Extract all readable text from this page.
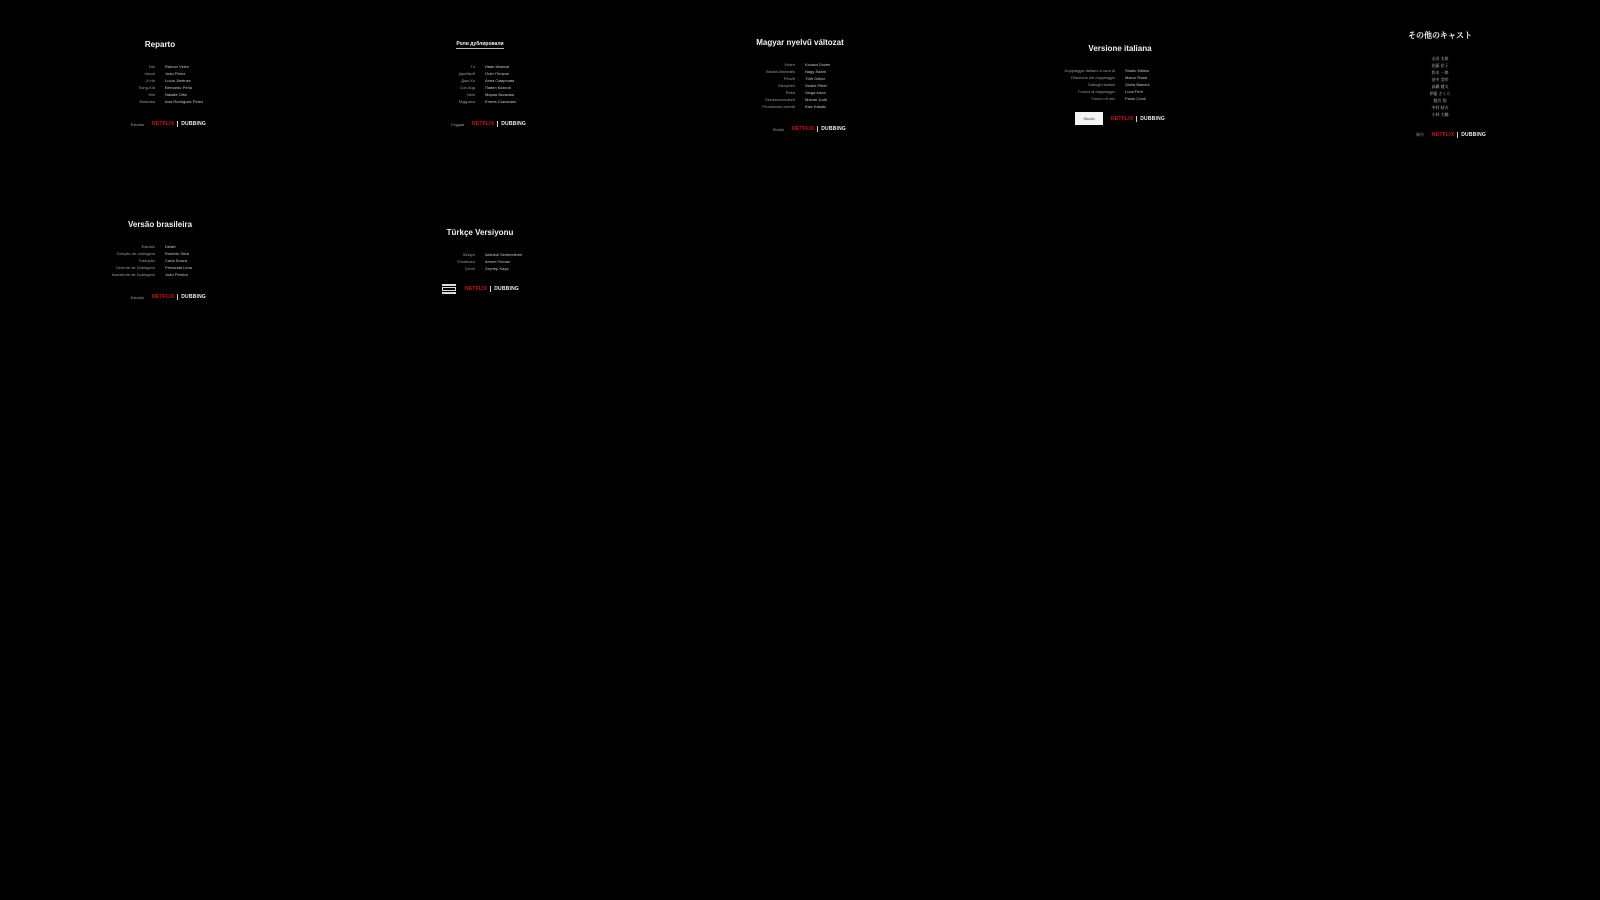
Reparto
Tae	Ramón Vélez
Jacob	Juan Pérez
Ji-Ho	Lucía Jiménez
Sung-Kid	Bernardo Peña
Min	Natalia Ortiz
Mudrasa	Ana Rodríguez Pérez
Estudio NETFLIX DUBBING
Роли дублировали
Тэ	Иван Иванов
Джейкоб	Олег Петров
Джи-Хо	Анна Смирнова
Сон-Кид	Павел Козлов
Мин	Мария Волкова
Мудраса	Елена Соколова
Студия NETFLIX DUBBING
Magyar nyelvű változat
Vivien	Kovács Eszter
Baráth-Benedek	Nagy Ádám
Pénzfi	Tóth Gábor
Menyhért	Szabó Péter
Réka	Varga Anna
Szinkronrendező	Molnár Judit
Produkciós vezető	Kiss Katalin
Stúdió NETFLIX DUBBING
Versione italiana
Doppiaggio italiano a cura di	Studio Milano
Direzione del doppiaggio	Marco Rossi
Dialoghi italiani	Giulia Bianchi
Fonico di doppiaggio	Luca Ferri
Fonico di mix	Paolo Conti
Studio	NETFLIX DUBBING
その他のキャスト
山田 太郎
佐藤 花子
鈴木 一郎
田中 美咲
高橋 健太
伊藤 さくら
渡辺 翔
中村 結衣
小林 大輔
制作 NETFLIX DUBBING
Versão brasileira
Estúdio	Delart
Direção de dublagem	Roberto Silva
Tradução	Carla Souza
Gerente de Dublagem	Fernanda Lima
Assistente de Dublagem	João Pereira
Estúdio NETFLIX DUBBING
Türkçe Versiyonu
Stüdyo	İstanbul Seslendirme
Yönetmen	Ahmet Yılmaz
Çeviri	Zeynep Kaya
NETFLIX DUBBING
